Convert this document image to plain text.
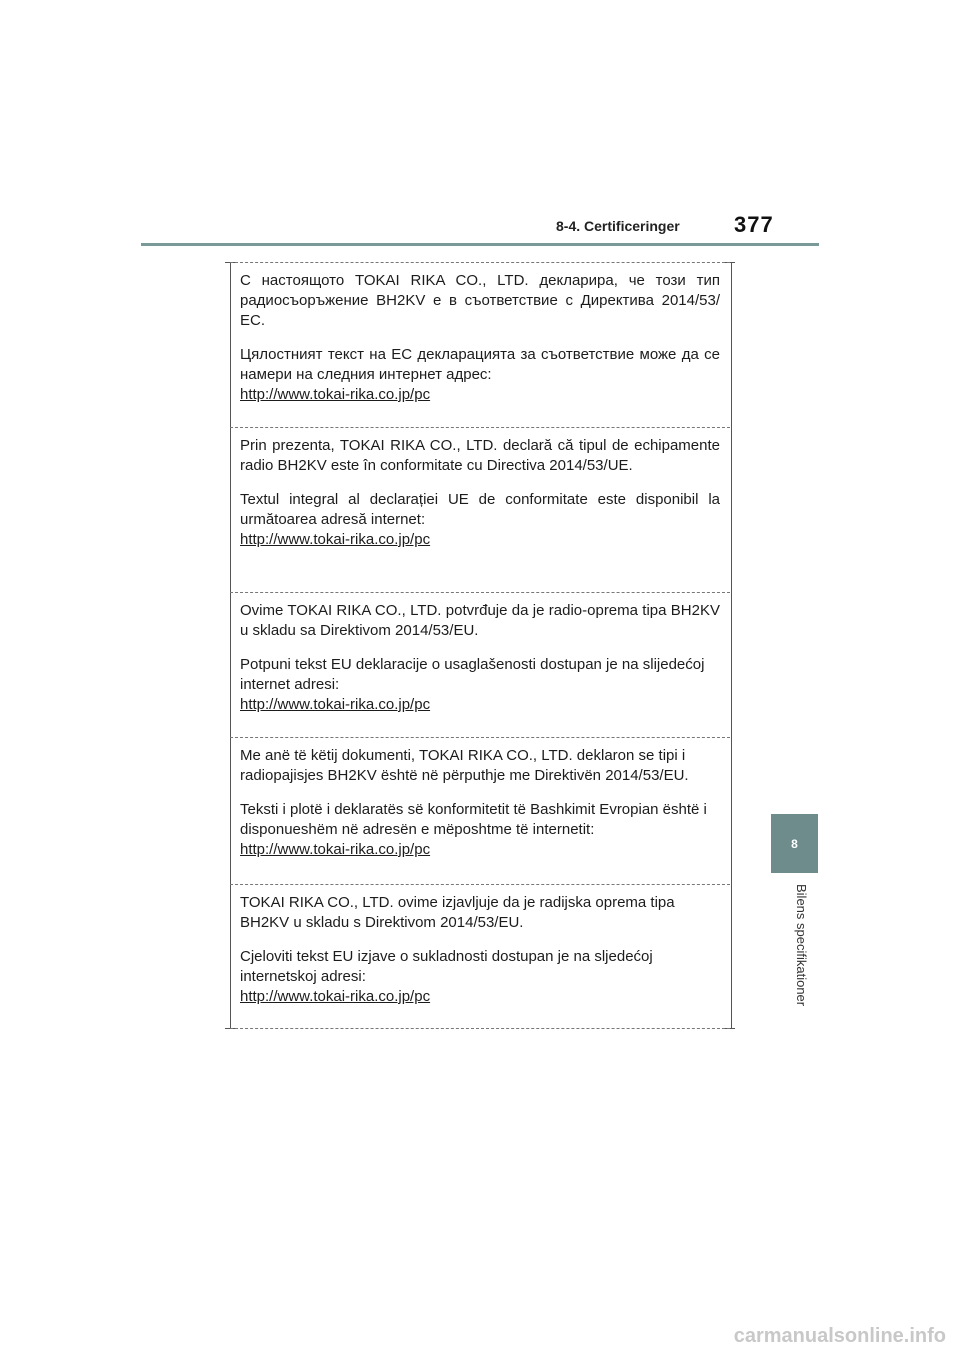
8-4. Certificeringer 377
8
Bilens specifikationer

С настоящото TOKAI RIKA CO., LTD. декларира, че този тип радиосъоръжение BH2KV е в съответствие с Директива 2014/53/ЕС.

Цялостният текст на ЕС декларацията за съответствие може да се намери на следния интернет адрес:

http://www.tokai-rika.co.jp/pc

Prin prezenta, TOKAI RIKA CO., LTD. declară că tipul de echipamente radio BH2KV este în conformitate cu Directiva 2014/53/UE.

Textul integral al declarației UE de conformitate este disponibil la următoarea adresă internet:

http://www.tokai-rika.co.jp/pc

Ovime TOKAI RIKA CO., LTD. potvrđuje da je radio-oprema tipa BH2KV u skladu sa Direktivom 2014/53/EU.

Potpuni tekst EU deklaracije o usaglašenosti dostupan je na slijedećoj internet adresi:

http://www.tokai-rika.co.jp/pc

Me anë të këtij dokumenti, TOKAI RIKA CO., LTD. deklaron se tipi i radiopajisjes BH2KV është në përputhje me Direktivën 2014/53/EU.

Teksti i plotë i deklaratës së konformitetit të Bashkimit Evropian është i disponueshëm në adresën e mëposhtme të internetit:

http://www.tokai-rika.co.jp/pc

TOKAI RIKA CO., LTD. ovime izjavljuje da je radijska oprema tipa BH2KV u skladu s Direktivom 2014/53/EU.

Cjeloviti tekst EU izjave o sukladnosti dostupan je na sljedećoj internetskoj adresi:

http://www.tokai-rika.co.jp/pc
carmanualsonline.info
